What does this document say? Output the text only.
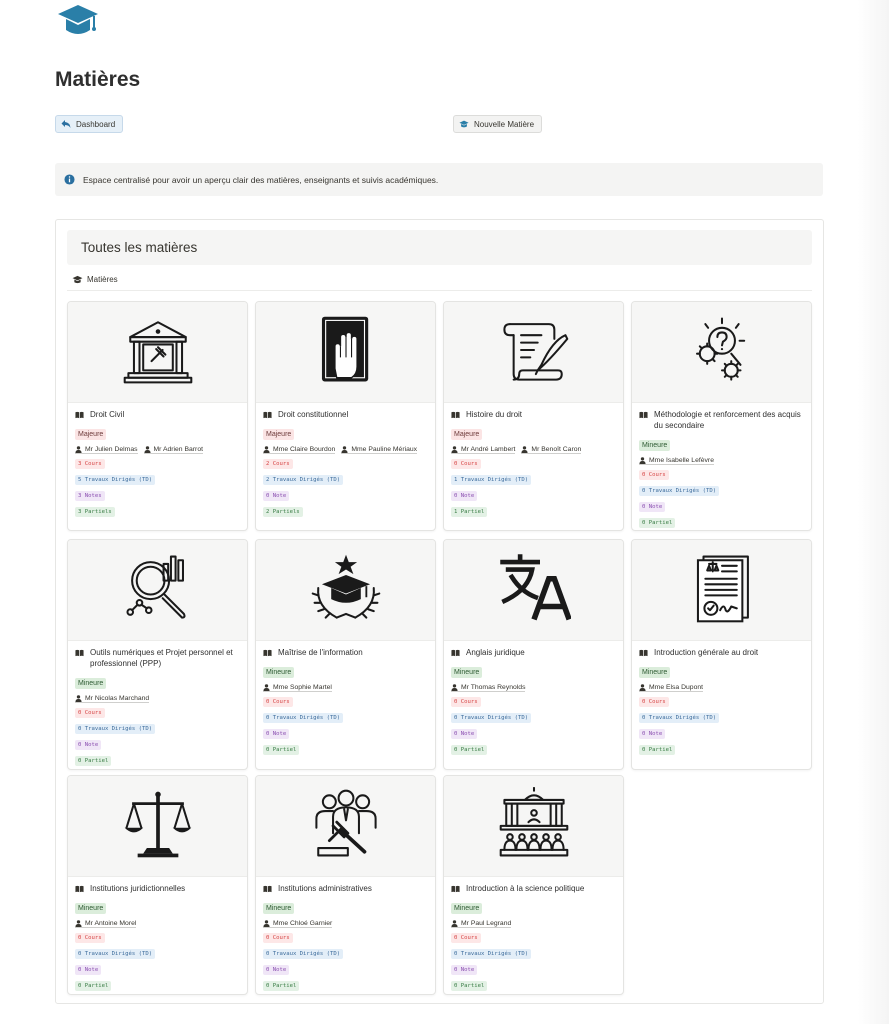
Matières
Dashboard	Nouvelle Matière
Espace centralisé pour avoir un aperçu clair des matières, enseignants et suivis académiques.
Toutes les matières
Matières
Droit Civil
Majeure
Mr Julien Delmas Mr Adrien Barrot
3 Cours
5 Travaux Dirigés (TD)
3 Notes
3 Partiels
Droit constitutionnel
Majeure
Mme Claire Bourdon Mme Pauline Mériaux
2 Cours
2 Travaux Dirigés (TD)
0 Note
2 Partiels
Histoire du droit
Majeure
Mr André Lambert Mr Benoît Caron
0 Cours
1 Travaux Dirigés (TD)
0 Note
1 Partiel
Méthodologie et renforcement des acquis du secondaire
Mineure
Mme Isabelle Lefèvre
0 Cours
0 Travaux Dirigés (TD)
0 Note
0 Partiel
Outils numériques et Projet personnel et professionnel (PPP)
Mineure
Mr Nicolas Marchand
0 Cours
0 Travaux Dirigés (TD)
0 Note
0 Partiel
Maîtrise de l'information
Mineure
Mme Sophie Martel
0 Cours
0 Travaux Dirigés (TD)
0 Note
0 Partiel
Anglais juridique
Mineure
Mr Thomas Reynolds
0 Cours
0 Travaux Dirigés (TD)
0 Note
0 Partiel
Introduction générale au droit
Mineure
Mme Elsa Dupont
0 Cours
0 Travaux Dirigés (TD)
0 Note
0 Partiel
Institutions juridictionnelles
Mineure
Mr Antoine Morel
0 Cours
0 Travaux Dirigés (TD)
0 Note
0 Partiel
Institutions administratives
Mineure
Mme Chloé Garnier
0 Cours
0 Travaux Dirigés (TD)
0 Note
0 Partiel
Introduction à la science politique
Mineure
Mr Paul Legrand
0 Cours
0 Travaux Dirigés (TD)
0 Note
0 Partiel
